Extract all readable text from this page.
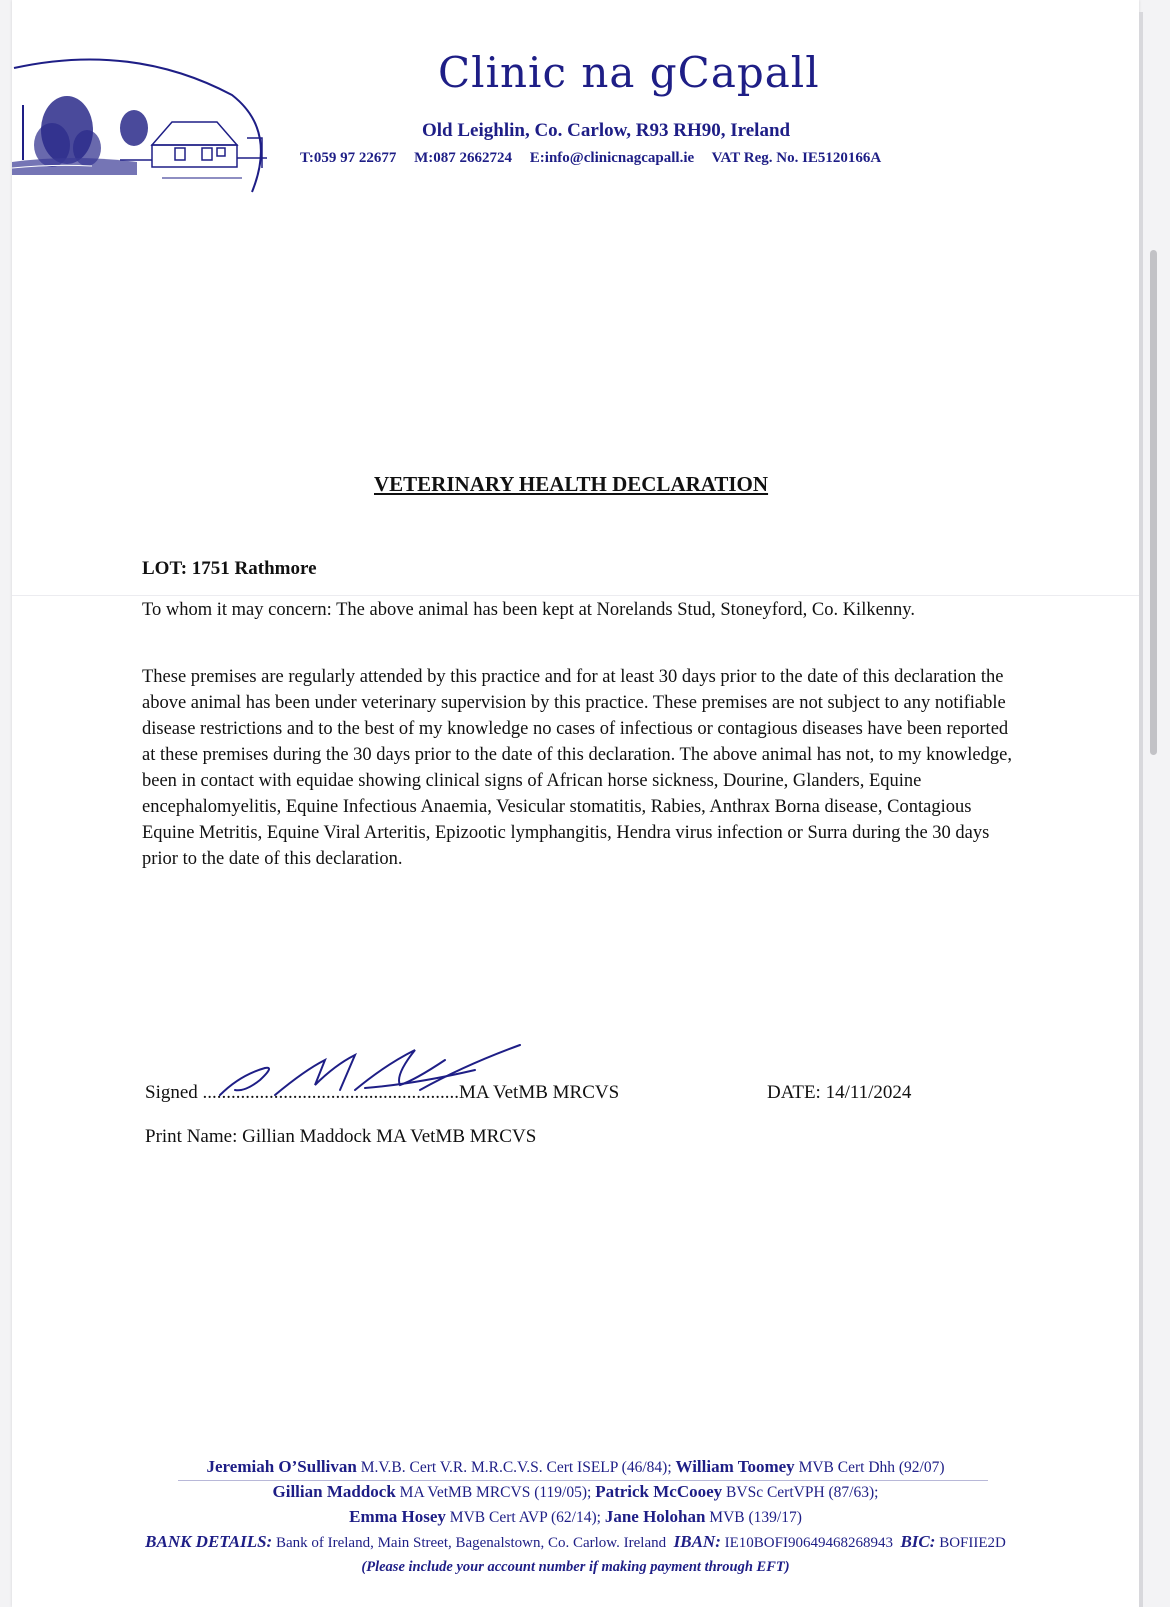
Clinic na gCapall
Old Leighlin, Co. Carlow, R93 RH90, Ireland
T:059 97 22677 M:087 2662724 E:info@clinicnagcapall.ie VAT Reg. No. IE5120166A
VETERINARY HEALTH DECLARATION
LOT: 1751 Rathmore
To whom it may concern: The above animal has been kept at Norelands Stud, Stoneyford, Co. Kilkenny.
These premises are regularly attended by this practice and for at least 30 days prior to the date of this declaration the above animal has been under veterinary supervision by this practice. These premises are not subject to any notifiable disease restrictions and to the best of my knowledge no cases of infectious or contagious diseases have been reported at these premises during the 30 days prior to the date of this declaration. The above animal has not, to my knowledge, been in contact with equidae showing clinical signs of African horse sickness, Dourine, Glanders, Equine encephalomyelitis, Equine Infectious Anaemia, Vesicular stomatitis, Rabies, Anthrax Borna disease, Contagious Equine Metritis, Equine Viral Arteritis, Epizootic lymphangitis, Hendra virus infection or Surra during the 30 days prior to the date of this declaration.
Signed ......................................................MA VetMB MRCVS	DATE: 14/11/2024
Print Name: Gillian Maddock MA VetMB MRCVS
Jeremiah O’Sullivan M.V.B. Cert V.R. M.R.C.V.S. Cert ISELP (46/84); William Toomey MVB Cert Dhh (92/07)
Gillian Maddock MA VetMB MRCVS (119/05); Patrick McCooey BVSc CertVPH (87/63);
Emma Hosey MVB Cert AVP (62/14); Jane Holohan MVB (139/17)
BANK DETAILS: Bank of Ireland, Main Street, Bagenalstown, Co. Carlow. Ireland IBAN: IE10BOFI90649468268943 BIC: BOFIIE2D
(Please include your account number if making payment through EFT)
